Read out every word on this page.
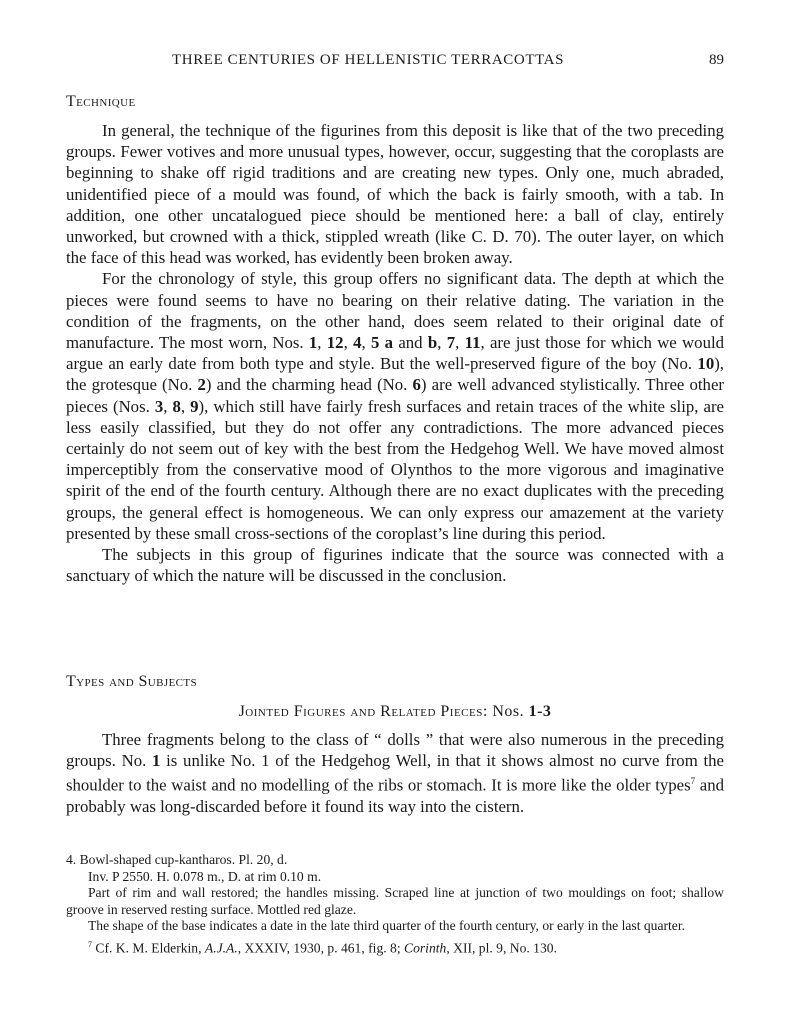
THREE CENTURIES OF HELLENISTIC TERRACOTTAS	89
Technique

In general, the technique of the figurines from this deposit is like that of the two preceding groups. Fewer votives and more unusual types, however, occur, suggesting that the coroplasts are beginning to shake off rigid traditions and are creating new types. Only one, much abraded, unidentified piece of a mould was found, of which the back is fairly smooth, with a tab. In addition, one other uncatalogued piece should be mentioned here: a ball of clay, entirely unworked, but crowned with a thick, stippled wreath (like C. D. 70). The outer layer, on which the face of this head was worked, has evidently been broken away.

For the chronology of style, this group offers no significant data. The depth at which the pieces were found seems to have no bearing on their relative dating. The variation in the condition of the fragments, on the other hand, does seem related to their original date of manufacture. The most worn, Nos. 1, 12, 4, 5 a and b, 7, 11, are just those for which we would argue an early date from both type and style. But the well-preserved figure of the boy (No. 10), the grotesque (No. 2) and the charming head (No. 6) are well advanced stylistically. Three other pieces (Nos. 3, 8, 9), which still have fairly fresh surfaces and retain traces of the white slip, are less easily classified, but they do not offer any contradictions. The more advanced pieces certainly do not seem out of key with the best from the Hedgehog Well. We have moved almost imperceptibly from the conservative mood of Olynthos to the more vigorous and imaginative spirit of the end of the fourth century. Although there are no exact duplicates with the preceding groups, the general effect is homogeneous. We can only express our amazement at the variety presented by these small cross-sections of the coroplast’s line during this period.

The subjects in this group of figurines indicate that the source was connected with a sanctuary of which the nature will be discussed in the conclusion.

Types and Subjects
Jointed Figures and Related Pieces: Nos. 1-3

Three fragments belong to the class of “ dolls ” that were also numerous in the preceding groups. No. 1 is unlike No. 1 of the Hedgehog Well, in that it shows almost no curve from the shoulder to the waist and no modelling of the ribs or stomach. It is more like the older types$^7$ and probably was long-discarded before it found its way into the cistern.

4. Bowl-shaped cup-kantharos. Pl. 20, d.

Inv. P 2550. H. 0.078 m., D. at rim 0.10 m.

Part of rim and wall restored; the handles missing. Scraped line at junction of two mouldings on foot; shallow groove in reserved resting surface. Mottled red glaze.

The shape of the base indicates a date in the late third quarter of the fourth century, or early in the last quarter.

$^7$ Cf. K. M. Elderkin, A.J.A., XXXIV, 1930, p. 461, fig. 8; Corinth, XII, pl. 9, No. 130.
